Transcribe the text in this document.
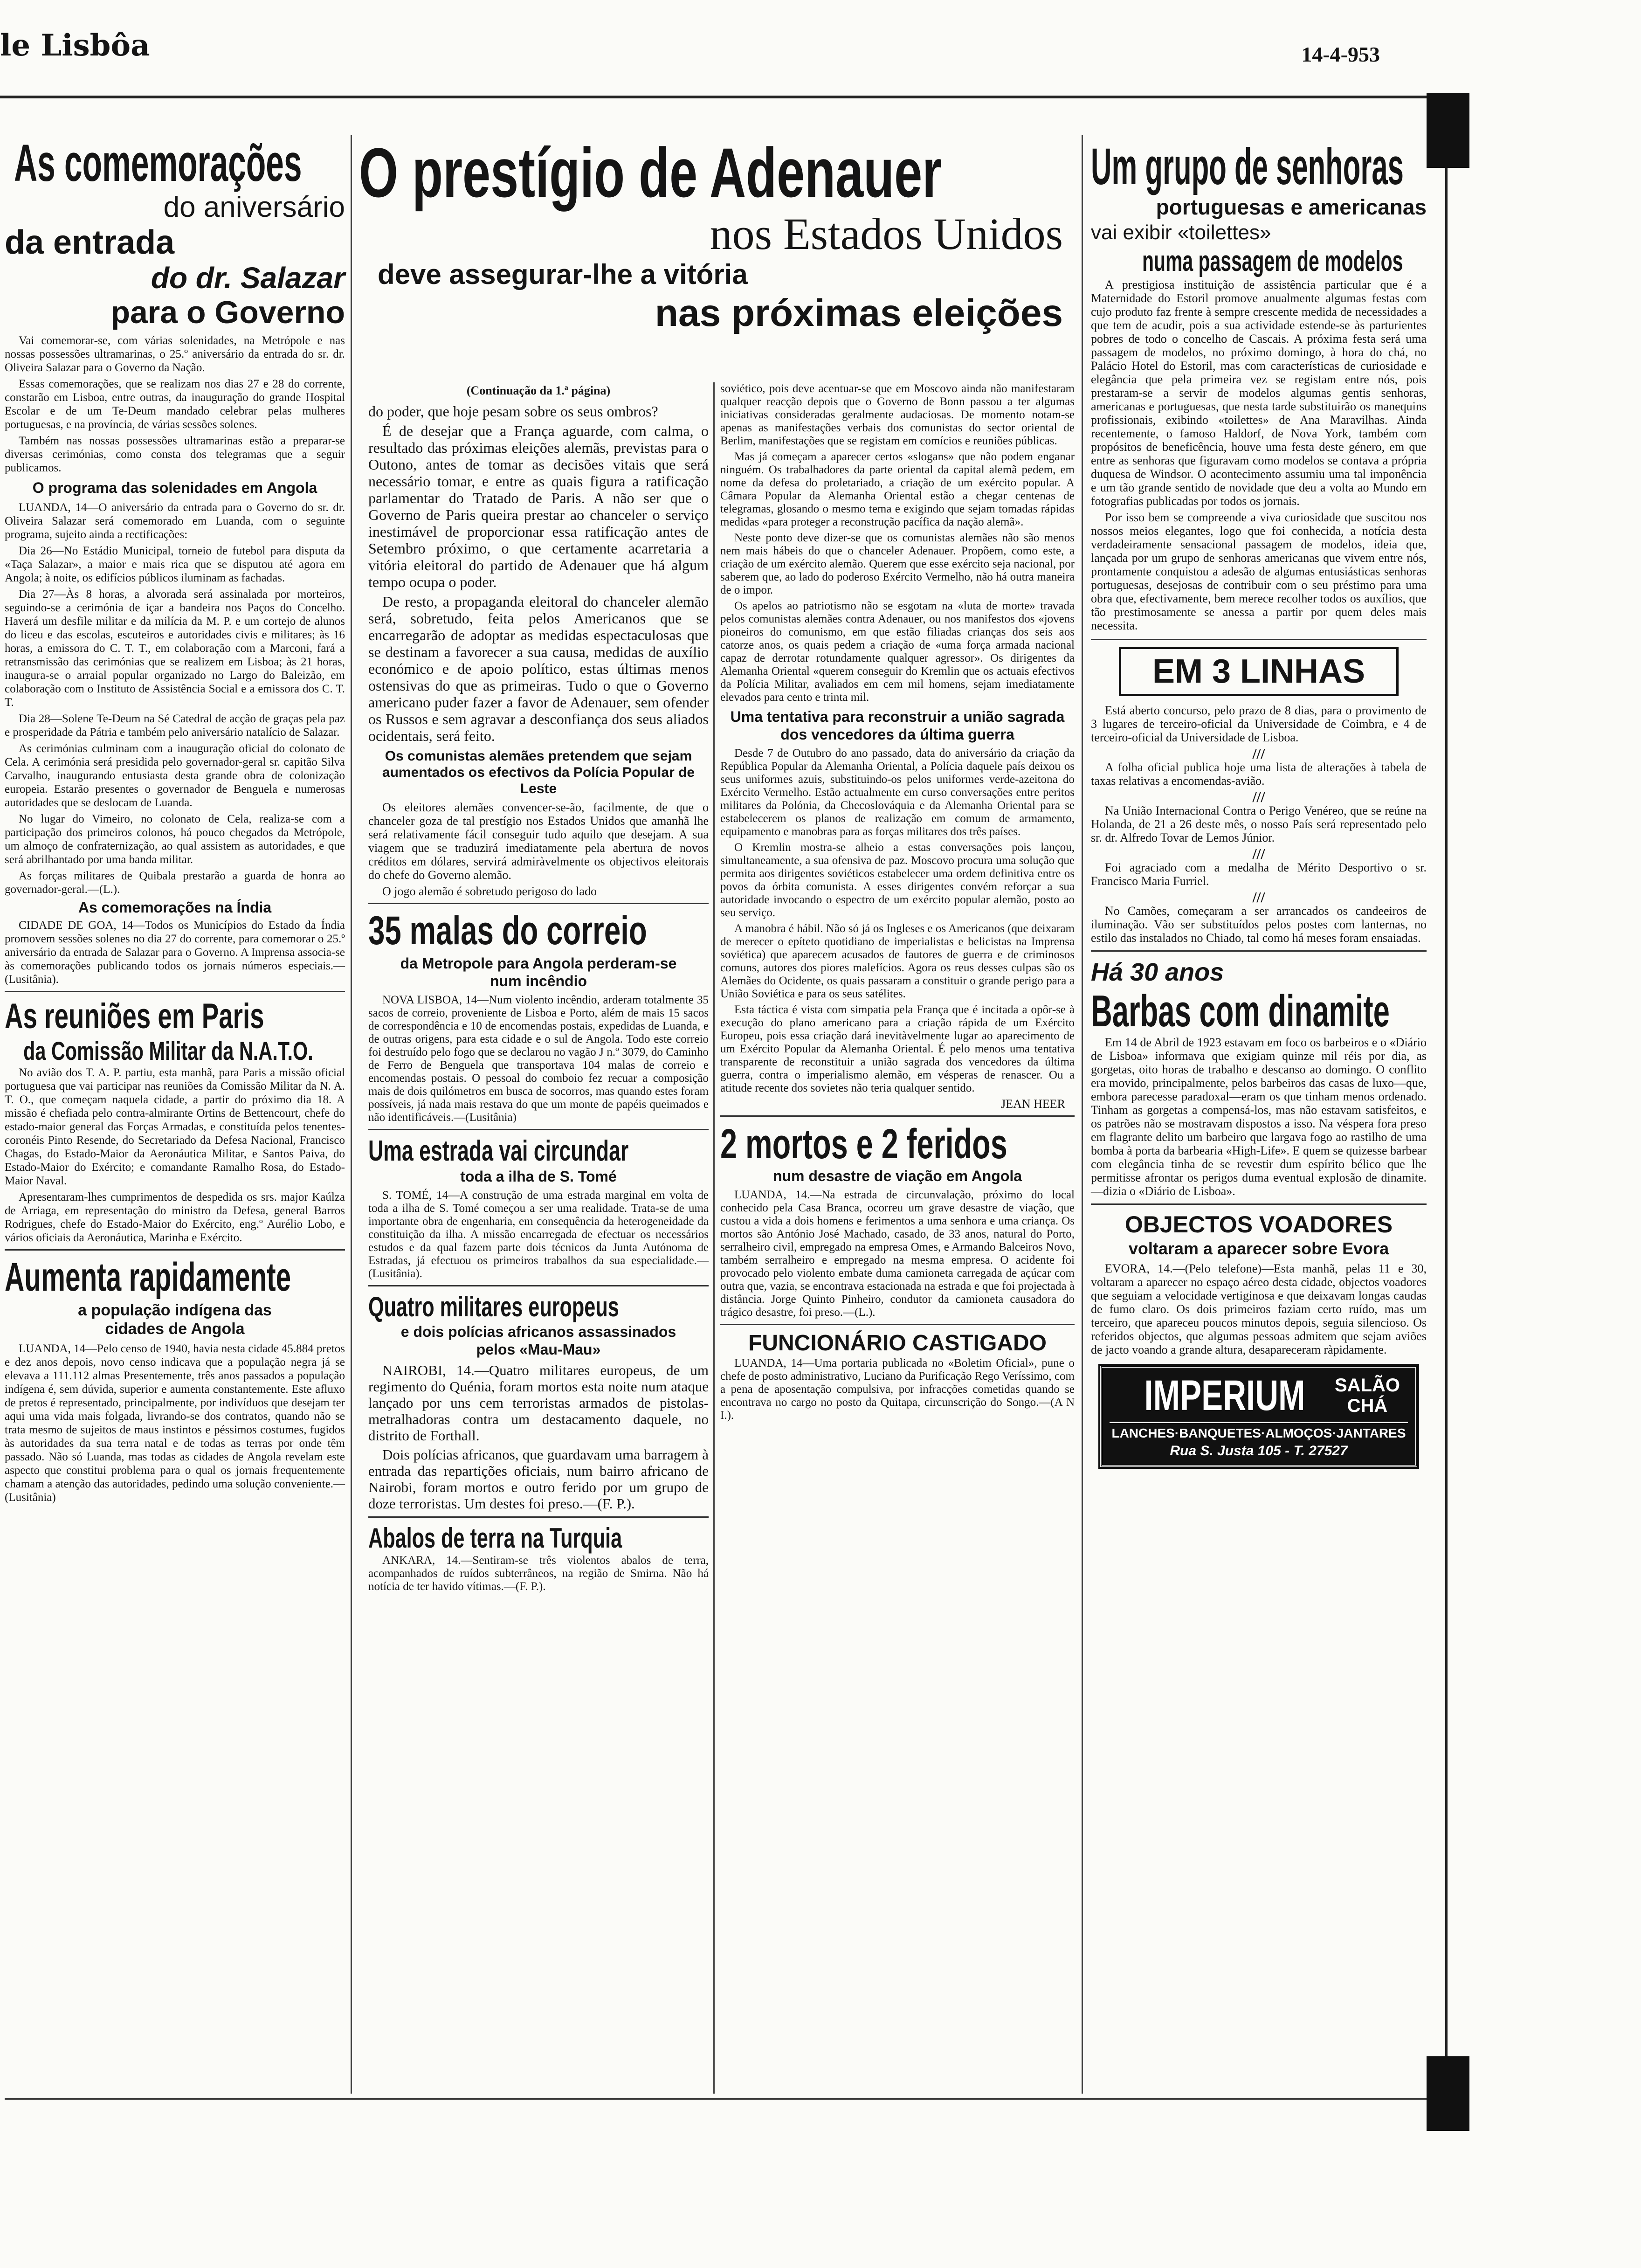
le Lisbôa	14-4-953
As comemorações
do aniversário
da entrada
do dr. Salazar
para o Governo

Vai comemorar-se, com várias solenidades, na Metrópole e nas nossas possessões ultramarinas, o 25.º aniversário da entrada do sr. dr. Oliveira Salazar para o Governo da Nação.

Essas comemorações, que se realizam nos dias 27 e 28 do corrente, constarão em Lisboa, entre outras, da inauguração do grande Hospital Escolar e de um Te-Deum mandado celebrar pelas mulheres portuguesas, e na província, de várias sessões solenes.

Também nas nossas possessões ultramarinas estão a preparar-se diversas cerimónias, como consta dos telegramas que a seguir publicamos.

O programa das solenidades em Angola

LUANDA, 14—O aniversário da entrada para o Governo do sr. dr. Oliveira Salazar será comemorado em Luanda, com o seguinte programa, sujeito ainda a rectificações:

Dia 26—No Estádio Municipal, torneio de futebol para disputa da «Taça Salazar», a maior e mais rica que se disputou até agora em Angola; à noite, os edifícios públicos iluminam as fachadas.

Dia 27—Às 8 horas, a alvorada será assinalada por morteiros, seguindo-se a cerimónia de içar a bandeira nos Paços do Concelho. Haverá um desfile militar e da milícia da M. P. e um cortejo de alunos do liceu e das escolas, escuteiros e autoridades civis e militares; às 16 horas, a emissora do C. T. T., em colaboração com a Marconi, fará a retransmissão das cerimónias que se realizem em Lisboa; às 21 horas, inaugura-se o arraial popular organizado no Largo do Baleizão, em colaboração com o Instituto de Assistência Social e a emissora dos C. T. T.

Dia 28—Solene Te-Deum na Sé Catedral de acção de graças pela paz e prosperidade da Pátria e também pelo aniversário natalício de Salazar.

As cerimónias culminam com a inauguração oficial do colonato de Cela. A cerimónia será presidida pelo governador-geral sr. capitão Silva Carvalho, inaugurando entusiasta desta grande obra de colonização europeia. Estarão presentes o governador de Benguela e numerosas autoridades que se deslocam de Luanda.

No lugar do Vimeiro, no colonato de Cela, realiza-se com a participação dos primeiros colonos, há pouco chegados da Metrópole, um almoço de confraternização, ao qual assistem as autoridades, e que será abrilhantado por uma banda militar.

As forças militares de Quibala prestarão a guarda de honra ao governador-geral.—(L.).

As comemorações na Índia

CIDADE DE GOA, 14—Todos os Municípios do Estado da Índia promovem sessões solenes no dia 27 do corrente, para comemorar o 25.º aniversário da entrada de Salazar para o Governo. A Imprensa associa-se às comemorações publicando todos os jornais números especiais.—(Lusitânia).

As reuniões em Paris
da Comissão Militar da N.A.T.O.

No avião dos T. A. P. partiu, esta manhã, para Paris a missão oficial portuguesa que vai participar nas reuniões da Comissão Militar da N. A. T. O., que começam naquela cidade, a partir do próximo dia 18. A missão é chefiada pelo contra-almirante Ortins de Bettencourt, chefe do estado-maior general das Forças Armadas, e constituída pelos tenentes-coronéis Pinto Resende, do Secretariado da Defesa Nacional, Francisco Chagas, do Estado-Maior da Aeronáutica Militar, e Santos Paiva, do Estado-Maior do Exército; e comandante Ramalho Rosa, do Estado-Maior Naval.

Apresentaram-lhes cumprimentos de despedida os srs. major Kaúlza de Arriaga, em representação do ministro da Defesa, general Barros Rodrigues, chefe do Estado-Maior do Exército, eng.º Aurélio Lobo, e vários oficiais da Aeronáutica, Marinha e Exército.

Aumenta rapidamente
a população indígena das cidades de Angola

LUANDA, 14—Pelo censo de 1940, havia nesta cidade 45.884 pretos e dez anos depois, novo censo indicava que a população negra já se elevava a 111.112 almas Presentemente, três anos passados a população indígena é, sem dúvida, superior e aumenta constantemente. Este afluxo de pretos é representado, principalmente, por indivíduos que desejam ter aqui uma vida mais folgada, livrando-se dos contratos, quando não se trata mesmo de sujeitos de maus instintos e péssimos costumes, fugidos às autoridades da sua terra natal e de todas as terras por onde têm passado. Não só Luanda, mas todas as cidades de Angola revelam este aspecto que constitui problema para o qual os jornais frequentemente chamam a atenção das autoridades, pedindo uma solução conveniente.—(Lusitânia)

O prestígio de Adenauer
nos Estados Unidos
deve assegurar-lhe a vitória
nas próximas eleições
(Continuação da 1.ª página)

do poder, que hoje pesam sobre os seus ombros?

É de desejar que a França aguarde, com calma, o resultado das próximas eleições alemãs, previstas para o Outono, antes de tomar as decisões vitais que será necessário tomar, e entre as quais figura a ratificação parlamentar do Tratado de Paris. A não ser que o Governo de Paris queira prestar ao chanceler o serviço inestimável de proporcionar essa ratificação antes de Setembro próximo, o que certamente acarretaria a vitória eleitoral do partido de Adenauer que há algum tempo ocupa o poder.

De resto, a propaganda eleitoral do chanceler alemão será, sobretudo, feita pelos Americanos que se encarregarão de adoptar as medidas espectaculosas que se destinam a favorecer a sua causa, medidas de auxílio económico e de apoio político, estas últimas menos ostensivas do que as primeiras. Tudo o que o Governo americano puder fazer a favor de Adenauer, sem ofender os Russos e sem agravar a desconfiança dos seus aliados ocidentais, será feito.

Os comunistas alemães pretendem que sejam aumentados os efectivos da Polícia Popular de Leste

Os eleitores alemães convencer-se-ão, facilmente, de que o chanceler goza de tal prestígio nos Estados Unidos que amanhã lhe será relativamente fácil conseguir tudo aquilo que desejam. A sua viagem que se traduzirá imediatamente pela abertura de novos créditos em dólares, servirá admiràvelmente os objectivos eleitorais do chefe do Governo alemão.

O jogo alemão é sobretudo perigoso do lado

35 malas do correio
da Metropole para Angola perderam-se num incêndio

NOVA LISBOA, 14—Num violento incêndio, arderam totalmente 35 sacos de correio, proveniente de Lisboa e Porto, além de mais 15 sacos de correspondência e 10 de encomendas postais, expedidas de Luanda, e de outras origens, para esta cidade e o sul de Angola. Todo este correio foi destruído pelo fogo que se declarou no vagão J n.º 3079, do Caminho de Ferro de Benguela que transportava 104 malas de correio e encomendas postais. O pessoal do comboio fez recuar a composição mais de dois quilómetros em busca de socorros, mas quando estes foram possíveis, já nada mais restava do que um monte de papéis queimados e não identificáveis.—(Lusitânia)

Uma estrada vai circundar
toda a ilha de S. Tomé

S. TOMÉ, 14—A construção de uma estrada marginal em volta de toda a ilha de S. Tomé começou a ser uma realidade. Trata-se de uma importante obra de engenharia, em consequência da heterogeneidade da constituição da ilha. A missão encarregada de efectuar os necessários estudos e da qual fazem parte dois técnicos da Junta Autónoma de Estradas, já efectuou os primeiros trabalhos da sua especialidade.—(Lusitânia).

Quatro militares europeus
e dois polícias africanos assassinados pelos «Mau-Mau»

NAIROBI, 14.—Quatro militares europeus, de um regimento do Quénia, foram mortos esta noite num ataque lançado por uns cem terroristas armados de pistolas-metralhadoras contra um destacamento daquele, no distrito de Forthall.

Dois polícias africanos, que guardavam uma barragem à entrada das repartições oficiais, num bairro africano de Nairobi, foram mortos e outro ferido por um grupo de doze terroristas. Um destes foi preso.—(F. P.).

Abalos de terra na Turquia

ANKARA, 14.—Sentiram-se três violentos abalos de terra, acompanhados de ruídos subterrâneos, na região de Smirna. Não há notícia de ter havido vítimas.—(F. P.).

soviético, pois deve acentuar-se que em Moscovo ainda não manifestaram qualquer reacção depois que o Governo de Bonn passou a ter algumas iniciativas consideradas geralmente audaciosas. De momento notam-se apenas as manifestações verbais dos comunistas do sector oriental de Berlim, manifestações que se registam em comícios e reuniões públicas.

Mas já começam a aparecer certos «slogans» que não podem enganar ninguém. Os trabalhadores da parte oriental da capital alemã pedem, em nome da defesa do proletariado, a criação de um exército popular. A Câmara Popular da Alemanha Oriental estão a chegar centenas de telegramas, glosando o mesmo tema e exigindo que sejam tomadas rápidas medidas «para proteger a reconstrução pacífica da nação alemã».

Neste ponto deve dizer-se que os comunistas alemães não são menos nem mais hábeis do que o chanceler Adenauer. Propõem, como este, a criação de um exército alemão. Querem que esse exército seja nacional, por saberem que, ao lado do poderoso Exército Vermelho, não há outra maneira de o impor.

Os apelos ao patriotismo não se esgotam na «luta de morte» travada pelos comunistas alemães contra Adenauer, ou nos manifestos dos «jovens pioneiros do comunismo, em que estão filiadas crianças dos seis aos catorze anos, os quais pedem a criação de «uma força armada nacional capaz de derrotar rotundamente qualquer agressor». Os dirigentes da Alemanha Oriental «querem conseguir do Kremlin que os actuais efectivos da Polícia Militar, avaliados em cem mil homens, sejam imediatamente elevados para cento e trinta mil.

Uma tentativa para reconstruir a união sagrada dos vencedores da última guerra

Desde 7 de Outubro do ano passado, data do aniversário da criação da República Popular da Alemanha Oriental, a Polícia daquele país deixou os seus uniformes azuis, substituindo-os pelos uniformes verde-azeitona do Exército Vermelho. Estão actualmente em curso conversações entre peritos militares da Polónia, da Checoslováquia e da Alemanha Oriental para se estabelecerem os planos de realização em comum de armamento, equipamento e manobras para as forças militares dos três países.

O Kremlin mostra-se alheio a estas conversações pois lançou, simultaneamente, a sua ofensiva de paz. Moscovo procura uma solução que permita aos dirigentes soviéticos estabelecer uma ordem definitiva entre os povos da órbita comunista. A esses dirigentes convém reforçar a sua autoridade invocando o espectro de um exército popular alemão, posto ao seu serviço.

A manobra é hábil. Não só já os Ingleses e os Americanos (que deixaram de merecer o epíteto quotidiano de imperialistas e belicistas na Imprensa soviética) que aparecem acusados de fautores de guerra e de criminosos comuns, autores dos piores malefícios. Agora os reus desses culpas são os Alemães do Ocidente, os quais passaram a constituir o grande perigo para a União Soviética e para os seus satélites.

Esta táctica é vista com simpatia pela França que é incitada a opôr-se à execução do plano americano para a criação rápida de um Exército Europeu, pois essa criação dará inevitàvelmente lugar ao aparecimento de um Exército Popular da Alemanha Oriental. É pelo menos uma tentativa transparente de reconstituir a união sagrada dos vencedores da última guerra, contra o imperialismo alemão, em vésperas de renascer. Ou a atitude recente dos sovietes não teria qualquer sentido.

JEAN HEER
2 mortos e 2 feridos
num desastre de viação em Angola

LUANDA, 14.—Na estrada de circunvalação, próximo do local conhecido pela Casa Branca, ocorreu um grave desastre de viação, que custou a vida a dois homens e ferimentos a uma senhora e uma criança. Os mortos são António José Machado, casado, de 33 anos, natural do Porto, serralheiro civil, empregado na empresa Omes, e Armando Balceiros Novo, também serralheiro e empregado na mesma empresa. O acidente foi provocado pelo violento embate duma camioneta carregada de açúcar com outra que, vazia, se encontrava estacionada na estrada e que foi projectada à distância. Jorge Quinto Pinheiro, condutor da camioneta causadora do trágico desastre, foi preso.—(L.).

FUNCIONÁRIO CASTIGADO

LUANDA, 14—Uma portaria publicada no «Boletim Oficial», pune o chefe de posto administrativo, Luciano da Purificação Rego Veríssimo, com a pena de aposentação compulsiva, por infracções cometidas quando se encontrava no cargo no posto da Quitapa, circunscrição do Songo.—(A N I.).

Um grupo de senhoras
portuguesas e americanas
vai exibir «toilettes»
numa passagem de modelos

A prestigiosa instituição de assistência particular que é a Maternidade do Estoril promove anualmente algumas festas com cujo produto faz frente à sempre crescente medida de necessidades a que tem de acudir, pois a sua actividade estende-se às parturientes pobres de todo o concelho de Cascais. A próxima festa será uma passagem de modelos, no próximo domingo, à hora do chá, no Palácio Hotel do Estoril, mas com características de curiosidade e elegância que pela primeira vez se registam entre nós, pois prestaram-se a servir de modelos algumas gentis senhoras, americanas e portuguesas, que nesta tarde substituirão os manequins profissionais, exibindo «toilettes» de Ana Maravilhas. Ainda recentemente, o famoso Haldorf, de Nova York, também com propósitos de beneficência, houve uma festa deste género, em que entre as senhoras que figuravam como modelos se contava a própria duquesa de Windsor. O acontecimento assumiu uma tal imponência e um tão grande sentido de novidade que deu a volta ao Mundo em fotografias publicadas por todos os jornais.

Por isso bem se compreende a viva curiosidade que suscitou nos nossos meios elegantes, logo que foi conhecida, a notícia desta verdadeiramente sensacional passagem de modelos, ideia que, lançada por um grupo de senhoras americanas que vivem entre nós, prontamente conquistou a adesão de algumas entusiásticas senhoras portuguesas, desejosas de contribuir com o seu préstimo para uma obra que, efectivamente, bem merece recolher todos os auxílios, que tão prestimosamente se anessa a partir por quem deles mais necessita.

EM 3 LINHAS

Está aberto concurso, pelo prazo de 8 dias, para o provimento de 3 lugares de terceiro-oficial da Universidade de Coimbra, e 4 de terceiro-oficial da Universidade de Lisboa.

///

A folha oficial publica hoje uma lista de alterações à tabela de taxas relativas a encomendas-avião.

///

Na União Internacional Contra o Perigo Venéreo, que se reúne na Holanda, de 21 a 26 deste mês, o nosso País será representado pelo sr. dr. Alfredo Tovar de Lemos Júnior.

///

Foi agraciado com a medalha de Mérito Desportivo o sr. Francisco Maria Furriel.

///

No Camões, começaram a ser arrancados os candeeiros de iluminação. Vão ser substituídos pelos postes com lanternas, no estilo das instalados no Chiado, tal como há meses foram ensaiadas.

Há 30 anos
Barbas com dinamite

Em 14 de Abril de 1923 estavam em foco os barbeiros e o «Diário de Lisboa» informava que exigiam quinze mil réis por dia, as gorgetas, oito horas de trabalho e descanso ao domingo. O conflito era movido, principalmente, pelos barbeiros das casas de luxo—que, embora parecesse paradoxal—eram os que tinham menos ordenado. Tinham as gorgetas a compensá-los, mas não estavam satisfeitos, e os patrões não se mostravam dispostos a isso. Na véspera fora preso em flagrante delito um barbeiro que largava fogo ao rastilho de uma bomba à porta da barbearia «High-Life». E quem se quizesse barbear com elegância tinha de se revestir dum espírito bélico que lhe permitisse afrontar os perigos duma eventual explosão de dinamite.—dizia o «Diário de Lisboa».

OBJECTOS VOADORES
voltaram a aparecer sobre Evora

EVORA, 14.—(Pelo telefone)—Esta manhã, pelas 11 e 30, voltaram a aparecer no espaço aéreo desta cidade, objectos voadores que seguiam a velocidade vertiginosa e que deixavam longas caudas de fumo claro. Os dois primeiros faziam certo ruído, mas um terceiro, que apareceu poucos minutos depois, seguia silencioso. Os referidos objectos, que algumas pessoas admitem que sejam aviões de jacto voando a grande altura, desapareceram ràpidamente.

IMPERIUM SALÃO
CHÁ
LANCHES·BANQUETES·ALMOÇOS·JANTARES
Rua S. Justa 105 - T. 27527
